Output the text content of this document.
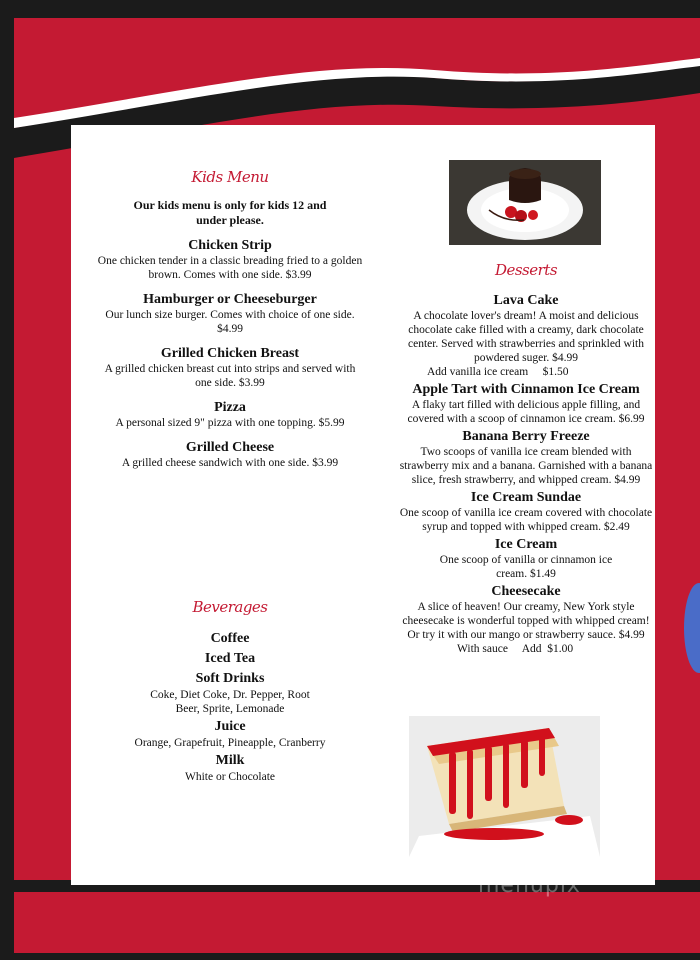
Kids Menu
Our kids menu is only for kids 12 and under please.
Chicken Strip
One chicken tender in a classic breading fried to a golden brown. Comes with one side. $3.99
Hamburger or Cheeseburger
Our lunch size burger. Comes with choice of one side. $4.99
Grilled Chicken Breast
A grilled chicken breast cut into strips and served with one side. $3.99
Pizza
A personal sized 9" pizza with one topping. $5.99
Grilled Cheese
A grilled cheese sandwich with one side. $3.99
Beverages
Coffee
Iced Tea
Soft Drinks
Coke, Diet Coke, Dr. Pepper, Root Beer, Sprite, Lemonade
Juice
Orange, Grapefruit, Pineapple, Cranberry
Milk
White or Chocolate
Desserts
Lava Cake
A chocolate lover's dream! A moist and delicious chocolate cake filled with a creamy, dark chocolate center. Served with strawberries and sprinkled with powdered suger. $4.99
Add vanilla ice cream     $1.50
Apple Tart with Cinnamon Ice Cream
A flaky tart filled with delicious apple filling, and covered with a scoop of cinnamon ice cream. $6.99
Banana Berry Freeze
Two scoops of vanilla ice cream blended with strawberry mix and a banana. Garnished with a banana slice, fresh strawberry, and whipped cream. $4.99
Ice Cream Sundae
One scoop of vanilla ice cream covered with chocolate syrup and topped with whipped cream. $2.49
Ice Cream
One scoop of vanilla or cinnamon ice cream. $1.49
Cheesecake
A slice of heaven! Our creamy, New York style cheesecake is wonderful topped with whipped cream! Or try it with our mango or strawberry sauce. $4.99
With sauce     Add  $1.00
menupix
